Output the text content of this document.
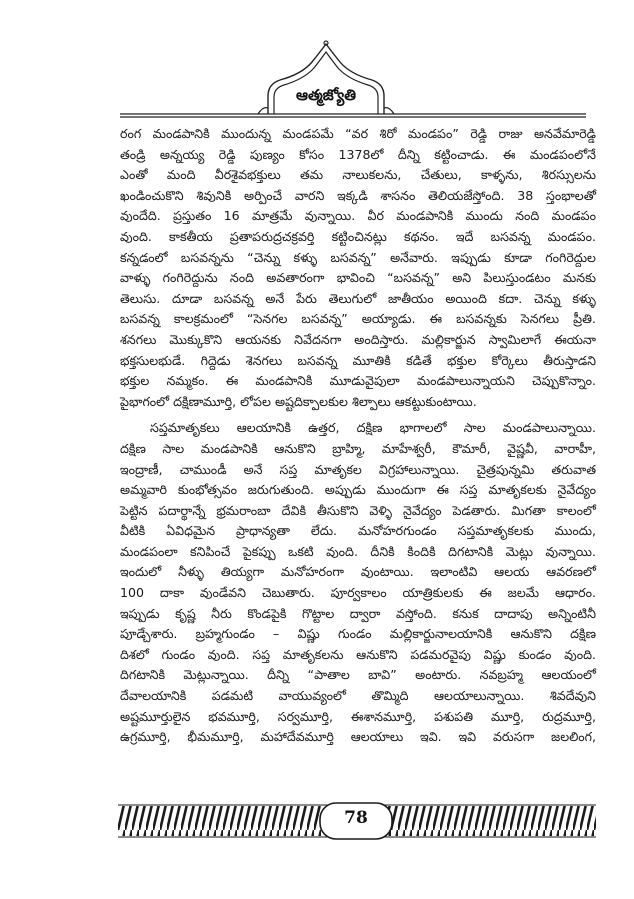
ఆత్మజ్యోతి

రంగ మండపానికి ముందున్న మండపమే “వర శిరో మండపం” రెడ్డి రాజు అనవేమారెడ్డి

తండ్రి అన్నయ్య రెడ్డి పుణ్యం కోసం 1378లో దీన్ని కట్టించాడు. ఈ మండపంలోనే

ఎంతో మంది వీరశైవభక్తులు తమ నాలుకలను, చేతులు, కాళ్ళను, శిరస్సులను

ఖండించుకొని శివునికి అర్పించే వారని ఇక్కడి శాసనం తెలియజేస్తోంది. 38 స్తంభాలతో

వుందేది. ప్రస్తుతం 16 మాత్రమే వున్నాయి. వీర మండపానికి ముందు నంది మండపం

వుంది. కాకతీయ ప్రతాపరుద్రచక్రవర్తి కట్టించినట్లు కథనం. ఇదే బసవన్న మండపం.

కన్నడంలో బసవన్నను “చెన్ను కళ్ళు బసవన్న” అనేవారు. ఇప్పుడు కూడా గంగిరెద్దుల

వాళ్ళు గంగిరెద్దును నంది అవతారంగా భావించి “బసవన్న” అని పిలుస్తుండటం మనకు

తెలుసు. దూడా బసవన్న అనే పేరు తెలుగులో జాతీయం అయింది కదా. చెన్ను కళ్ళు

బసవన్న కాలక్రమంలో “సెనగల బసవన్న” అయ్యాడు. ఈ బసవన్నకు సెనగలు ప్రీతి.

శనగలు మొక్కుకొని ఆయనకు నివేదనగా అందిస్తారు. మల్లికార్జున స్వామిలాగే ఈయనా

భక్తసులభుడే. గిద్దెడు శెనగలు బసవన్న మూతికి కడితే భక్తుల కోర్కెలు తీరుస్తాడని

భక్తుల నమ్మకం. ఈ మండపానికి మూడువైపులా మండపాలున్నాయని చెప్పుకొన్నాం.

పైభాగంలో దక్షిణామూర్తి, లోపల అష్టదిక్పాలకుల శిల్పాలు ఆకట్టుకుంటాయి.

సప్తమాతృకలు ఆలయానికి ఉత్తర, దక్షిణ భాగాలలో సాల మండపాలున్నాయి.

దక్షిణ సాల మండపానికి ఆనుకొని బ్రాహ్మి, మాహేశ్వరీ, కౌమారీ, వైష్ణవీ, వారాహీ,

ఇంద్రాణీ, చాముండీ అనే సప్త మాతృకల విగ్రహాలున్నాయి. చైత్రపున్నమి తరువాత

అమ్మవారి కుంభోత్సవం జరుగుతుంది. అప్పుడు ముందుగా ఈ సప్త మాతృకలకు నైవేద్యం

పెట్టిన పదార్థాన్నే భ్రమరాంబా దేవికి తీసుకొని వెళ్ళి నైవేద్యం పెడతారు. మిగతా కాలంలో

వీటికి ఏవిధమైన ప్రాధాన్యతా లేదు. మనోహరగుండం సప్తమాతృకలకు ముందు,

మండపంలా కనిపించే పైకప్పు ఒకటి వుంది. దీనికి కిందికి దిగటానికి మెట్లు వున్నాయి.

ఇందులో నీళ్ళు తియ్యగా మనోహరంగా వుంటాయి. ఇలాంటివి ఆలయ ఆవరణలో

100 దాకా వుండేవని చెబుతారు. పూర్వకాలం యాత్రికులకు ఈ జలమే ఆధారం.

ఇప్పుడు కృష్ణ నీరు కొండపైకి గొట్టాల ద్వారా వస్తోంది. కనుక దాదాపు అన్నింటినీ

పూడ్చేశారు. బ్రహ్మగుండం – విష్ణు గుండం మల్లికార్జునాలయానికి ఆనుకొని దక్షిణ

దిశలో గుండం వుంది. సప్త మాతృకలను ఆనుకొని పడమరవైపు విష్ణు కుండం వుంది.

దిగటానికి మెట్లున్నాయి. దీన్ని “పాతాల బావి” అంటారు. నవబ్రహ్మ ఆలయంలో

దేవాలయానికి పడమటి వాయువ్యంలో తొమ్మిది ఆలయాలున్నాయి. శివదేవుని

అష్టమూర్తులైన భవమూర్తి, సర్వమూర్తి, ఈశానమూర్తి, పశుపతి మూర్తి, రుద్రమూర్తి,

ఉగ్రమూర్తి, భీమమూర్తి, మహాదేవమూర్తి ఆలయాలు ఇవి. ఇవి వరుసగా జలలింగ,

78
